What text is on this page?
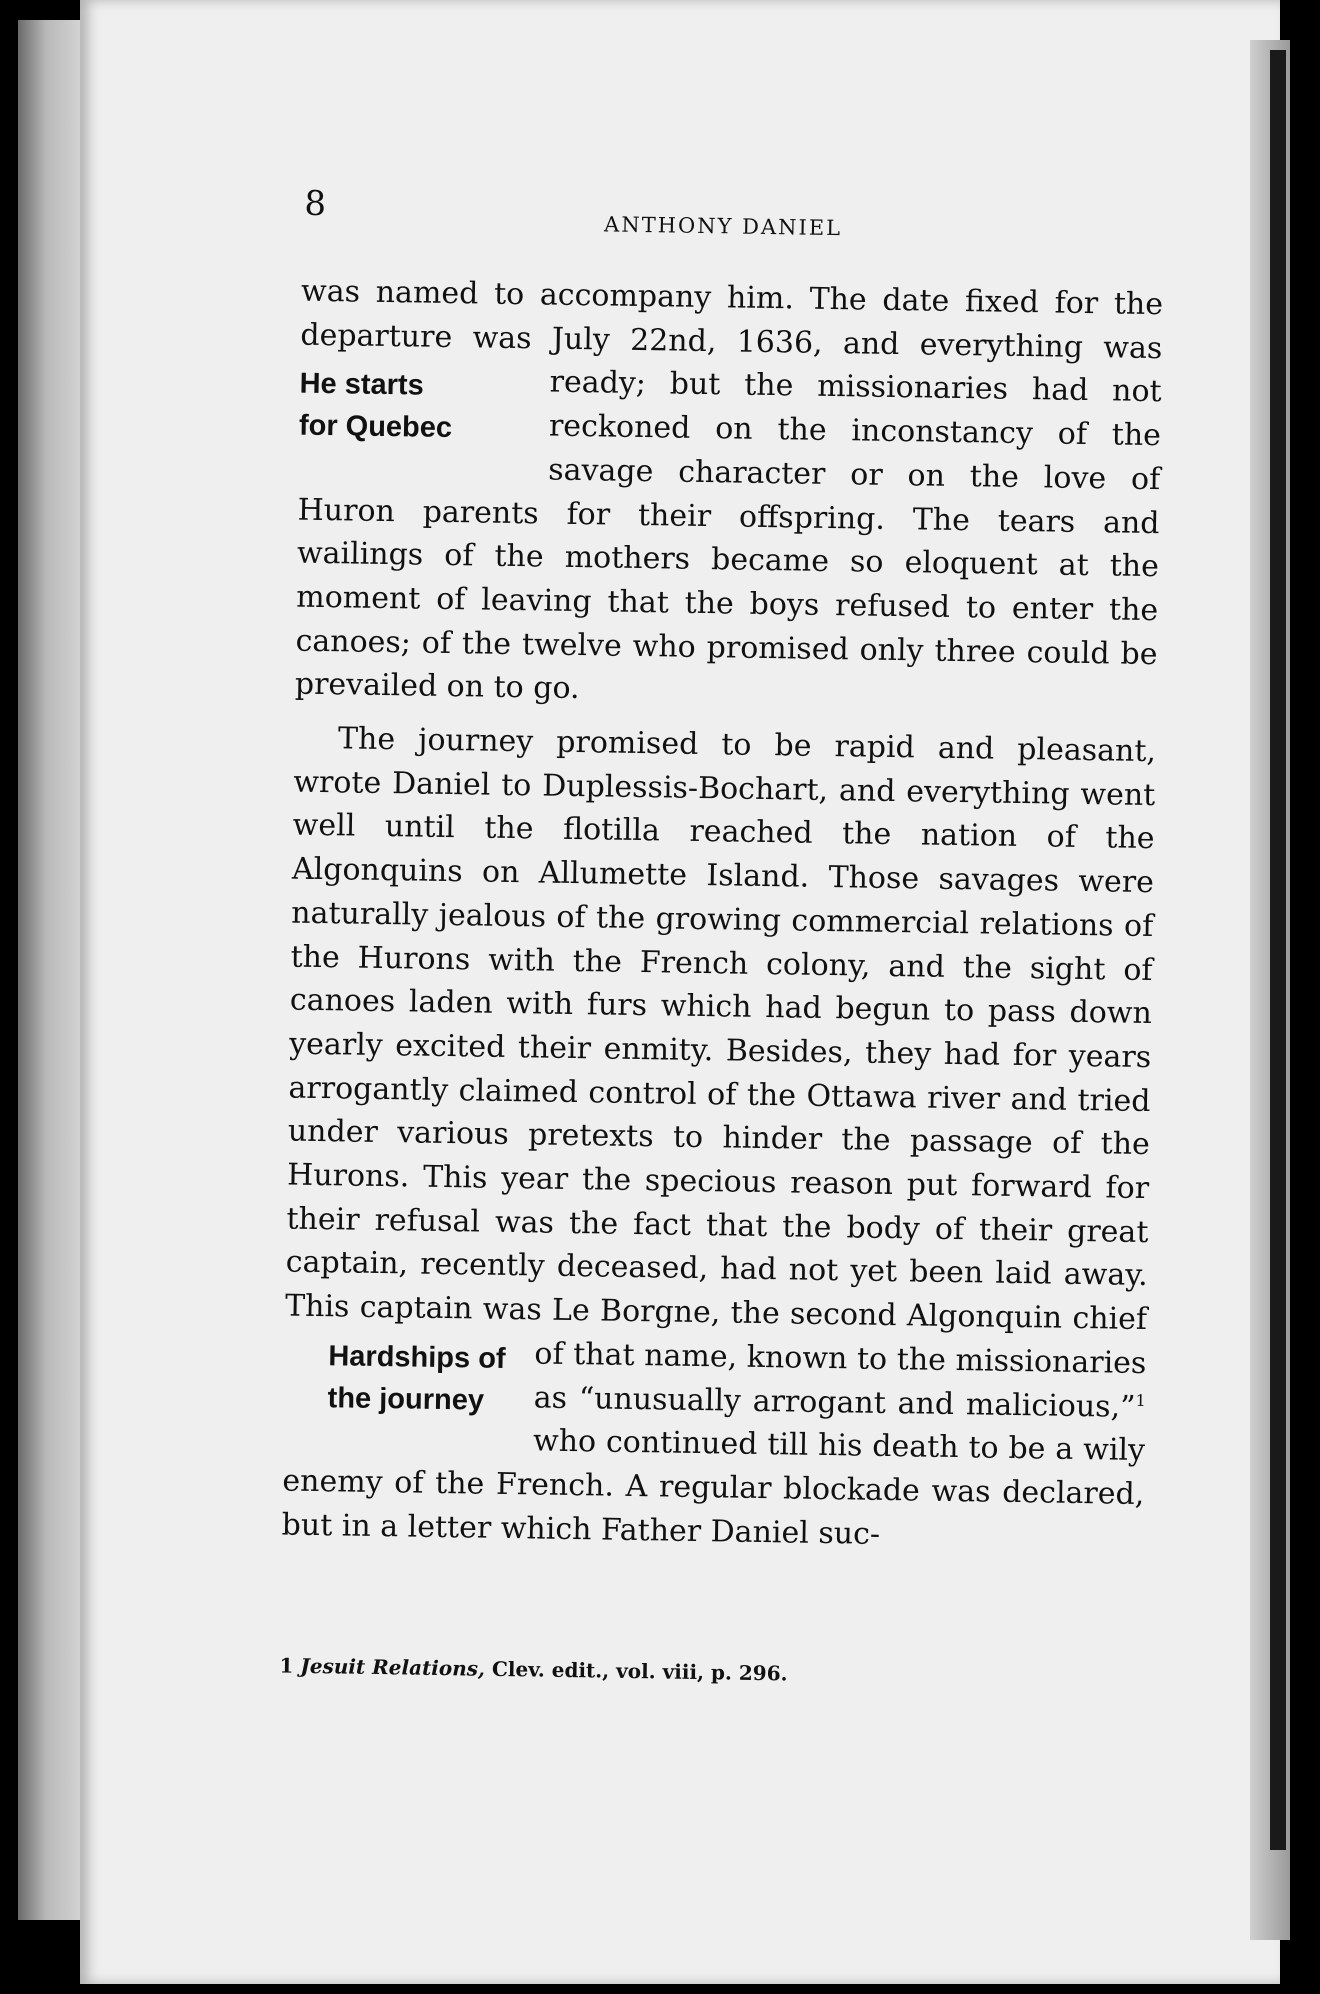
8
ANTHONY DANIEL

was named to accompany him. The date fixed for the departure was July 22nd, 1636, and everything
He starts
for Quebec
was ready; but the missionaries had not reckoned on the inconstancy of the savage character or on the love of Huron parents for their offspring. The tears and wailings of the mothers became so eloquent at the moment of leaving that the boys refused to enter the canoes; of the twelve who promised only three could be prevailed on to go.

The journey promised to be rapid and pleasant, wrote Daniel to Duplessis-Bochart, and everything went well until the flotilla reached the nation of the Algonquins on Allumette Island. Those savages were naturally jealous of the growing commercial relations of the Hurons with the French colony, and the sight of canoes laden with furs which had begun to pass down yearly excited their enmity. Besides, they had for years arrogantly claimed control of the Ottawa river and tried under various pretexts to hinder the passage of the Hurons. This year the specious reason put forward for their refusal was the fact that the body of their great captain, recently deceased, had not yet been laid away. This captain was Le Borgne, the second Algonquin chief of that
Hardships of
the journey
name, known to the missionaries as “unusually arrogant and malicious,”$^1$ who continued till his death to be a wily enemy of the French. A regular blockade was declared, but in a letter which Father Daniel suc-

1 Jesuit Relations, Clev. edit., vol. viii, p. 296.
